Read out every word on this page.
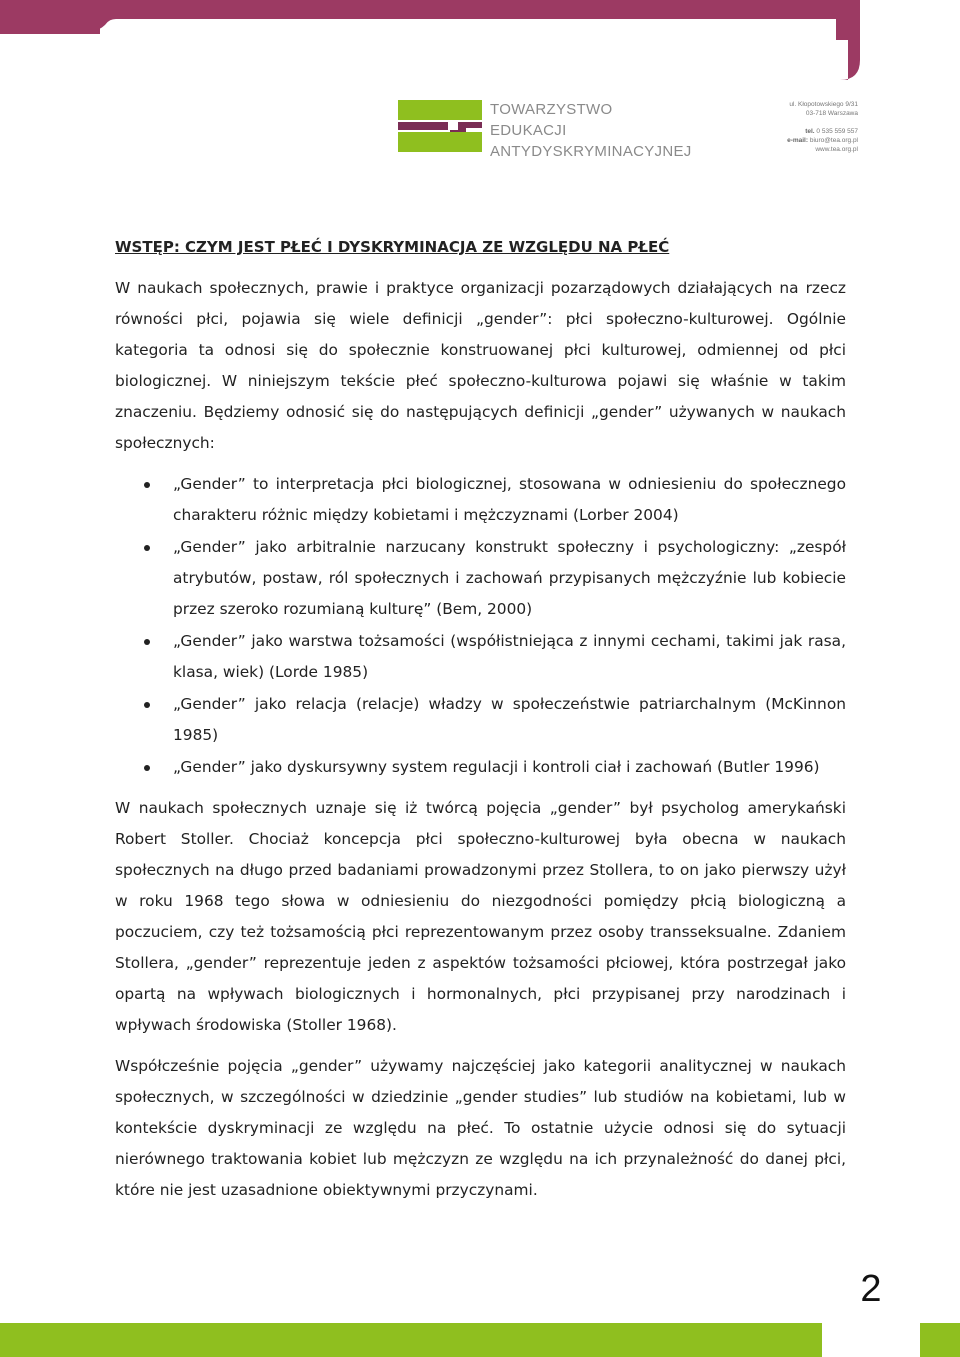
TOWARZYSTWO
EDUKACJI
ANTYDYSKRYMINACYJNEJ
ul. Kłopotowskiego 9/31
03-718 Warszawa
tel. 0 535 559 557
e-mail: biuro@tea.org.pl
www.tea.org.pl
WSTĘP: CZYM JEST PŁEĆ I DYSKRYMINACJA ZE WZGLĘDU NA PŁEĆ

W naukach społecznych, prawie i praktyce organizacji pozarządowych działających na rzecz równości płci, pojawia się wiele definicji „gender”: płci społeczno-kulturowej. Ogólnie kategoria ta odnosi się do społecznie konstruowanej płci kulturowej, odmiennej od płci biologicznej. W niniejszym tekście płeć społeczno-kulturowa pojawi się właśnie w takim znaczeniu. Będziemy odnosić się do następujących definicji „gender” używanych w naukach społecznych:

„Gender” to interpretacja płci biologicznej, stosowana w odniesieniu do społecznego charakteru różnic między kobietami i mężczyznami (Lorber 2004)
„Gender” jako arbitralnie narzucany konstrukt społeczny i psychologiczny: „zespół atrybutów, postaw, ról społecznych i zachowań przypisanych mężczyźnie lub kobiecie przez szeroko rozumianą kulturę” (Bem, 2000)
„Gender” jako warstwa tożsamości (współistniejąca z innymi cechami, takimi jak rasa, klasa, wiek) (Lorde 1985)
„Gender” jako relacja (relacje) władzy w społeczeństwie patriarchalnym (McKinnon 1985)
„Gender” jako dyskursywny system regulacji i kontroli ciał i zachowań (Butler 1996)

W naukach społecznych uznaje się iż twórcą pojęcia „gender” był psycholog amerykański Robert Stoller. Chociaż koncepcja płci społeczno-kulturowej była obecna w naukach społecznych na długo przed badaniami prowadzonymi przez Stollera, to on jako pierwszy użył w roku 1968 tego słowa w odniesieniu do niezgodności pomiędzy płcią biologiczną a poczuciem, czy też tożsamością płci reprezentowanym przez osoby transseksualne. Zdaniem Stollera, „gender” reprezentuje jeden z aspektów tożsamości płciowej, która postrzegał jako opartą na wpływach biologicznych i hormonalnych, płci przypisanej przy narodzinach i wpływach środowiska (Stoller 1968).

Współcześnie pojęcia „gender” używamy najczęściej jako kategorii analitycznej w naukach społecznych, w szczególności w dziedzinie „gender studies” lub studiów na kobietami, lub w kontekście dyskryminacji ze względu na płeć. To ostatnie użycie odnosi się do sytuacji nierównego traktowania kobiet lub mężczyzn ze względu na ich przynależność do danej płci, które nie jest uzasadnione obiektywnymi przyczynami.

2
